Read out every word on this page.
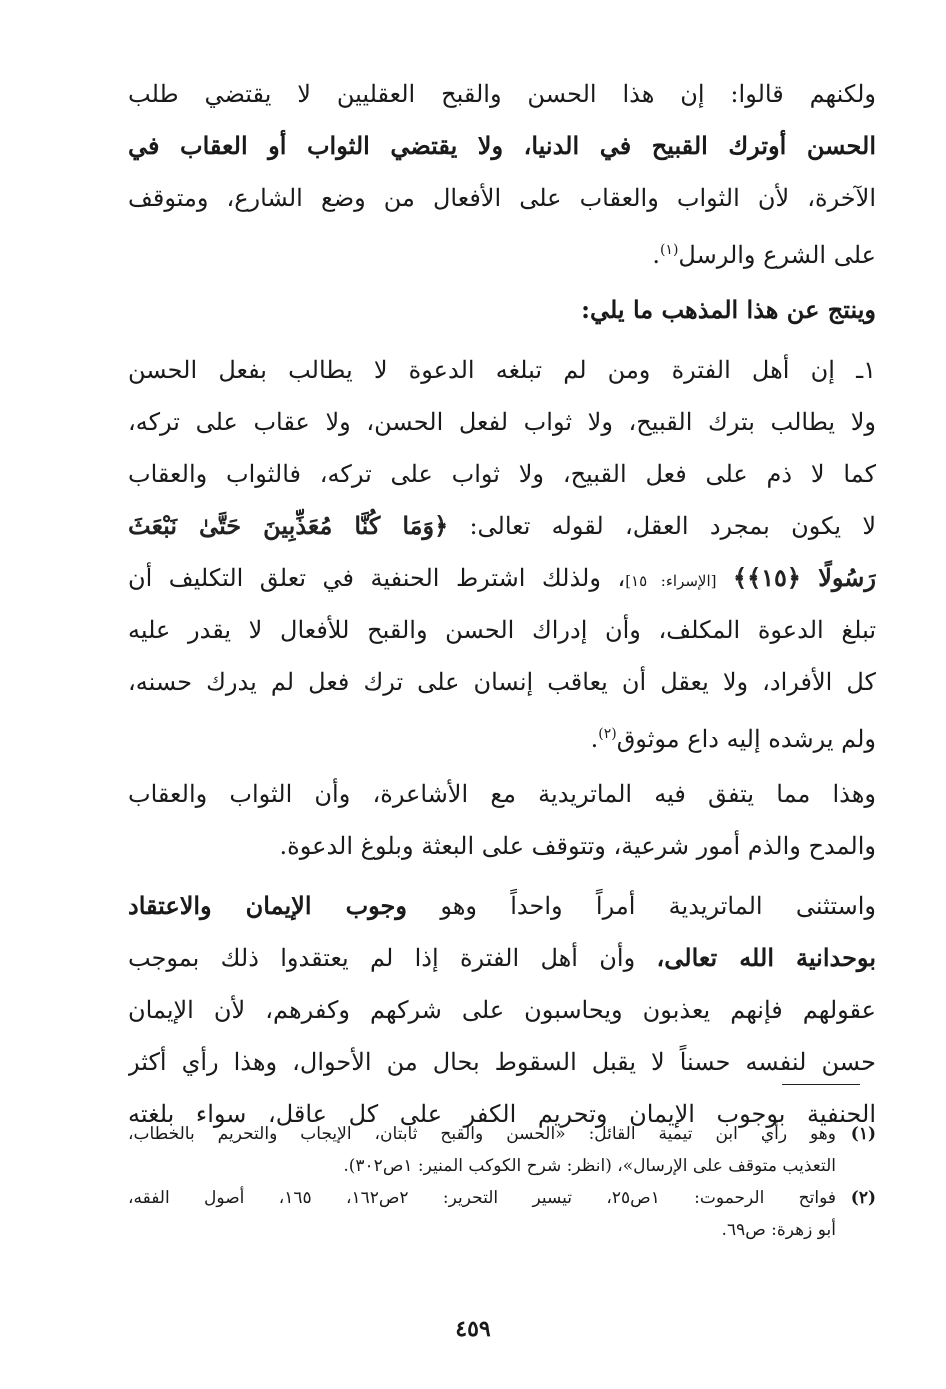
ولكنهم قالوا: إن هذا الحسن والقبح العقليين لا يقتضي طلب
الحسن أوترك القبيح في الدنيا، ولا يقتضي الثواب أو العقاب في
الآخرة، لأن الثواب والعقاب على الأفعال من وضع الشارع، ومتوقف
على الشرع والرسل$^{(١)}$.
وينتج عن هذا المذهب ما يلي:
١ـ إن أهل الفترة ومن لم تبلغه الدعوة لا يطالب بفعل الحسن
ولا يطالب بترك القبيح، ولا ثواب لفعل الحسن، ولا عقاب على تركه،
كما لا ذم على فعل القبيح، ولا ثواب على تركه، فالثواب والعقاب
لا يكون بمجرد العقل، لقوله تعالى: ﴿وَمَا كُنَّا مُعَذِّبِينَ حَتَّىٰ نَبْعَثَ
رَسُولًا ﴿١٥﴾﴾ [الإسراء: ١٥]، ولذلك اشترط الحنفية في تعلق التكليف أن
تبلغ الدعوة المكلف، وأن إدراك الحسن والقبح للأفعال لا يقدر عليه
كل الأفراد، ولا يعقل أن يعاقب إنسان على ترك فعل لم يدرك حسنه،
ولم يرشده إليه داع موثوق$^{(٢)}$.
وهذا مما يتفق فيه الماتريدية مع الأشاعرة، وأن الثواب والعقاب
والمدح والذم أمور شرعية، وتتوقف على البعثة وبلوغ الدعوة.
واستثنى الماتريدية أمراً واحداً وهو وجوب الإيمان والاعتقاد
بوحدانية الله تعالى، وأن أهل الفترة إذا لم يعتقدوا ذلك بموجب
عقولهم فإنهم يعذبون ويحاسبون على شركهم وكفرهم، لأن الإيمان
حسن لنفسه حسناً لا يقبل السقوط بحال من الأحوال، وهذا رأي أكثر
الحنفية بوجوب الإيمان وتحريم الكفر على كل عاقل، سواء بلغته
(١)
وهو رأي ابن تيمية القائل: «الحسن والقبح ثابتان، الإيجاب والتحريم بالخطاب،
التعذيب متوقف على الإرسال»، (انظر: شرح الكوكب المنير: ١ص٣٠٢).
(٢)
فواتح الرحموت: ١ص٢٥، تيسير التحرير: ٢ص١٦٢، ١٦٥، أصول الفقه،
أبو زهرة: ص٦٩.
٤٥٩
